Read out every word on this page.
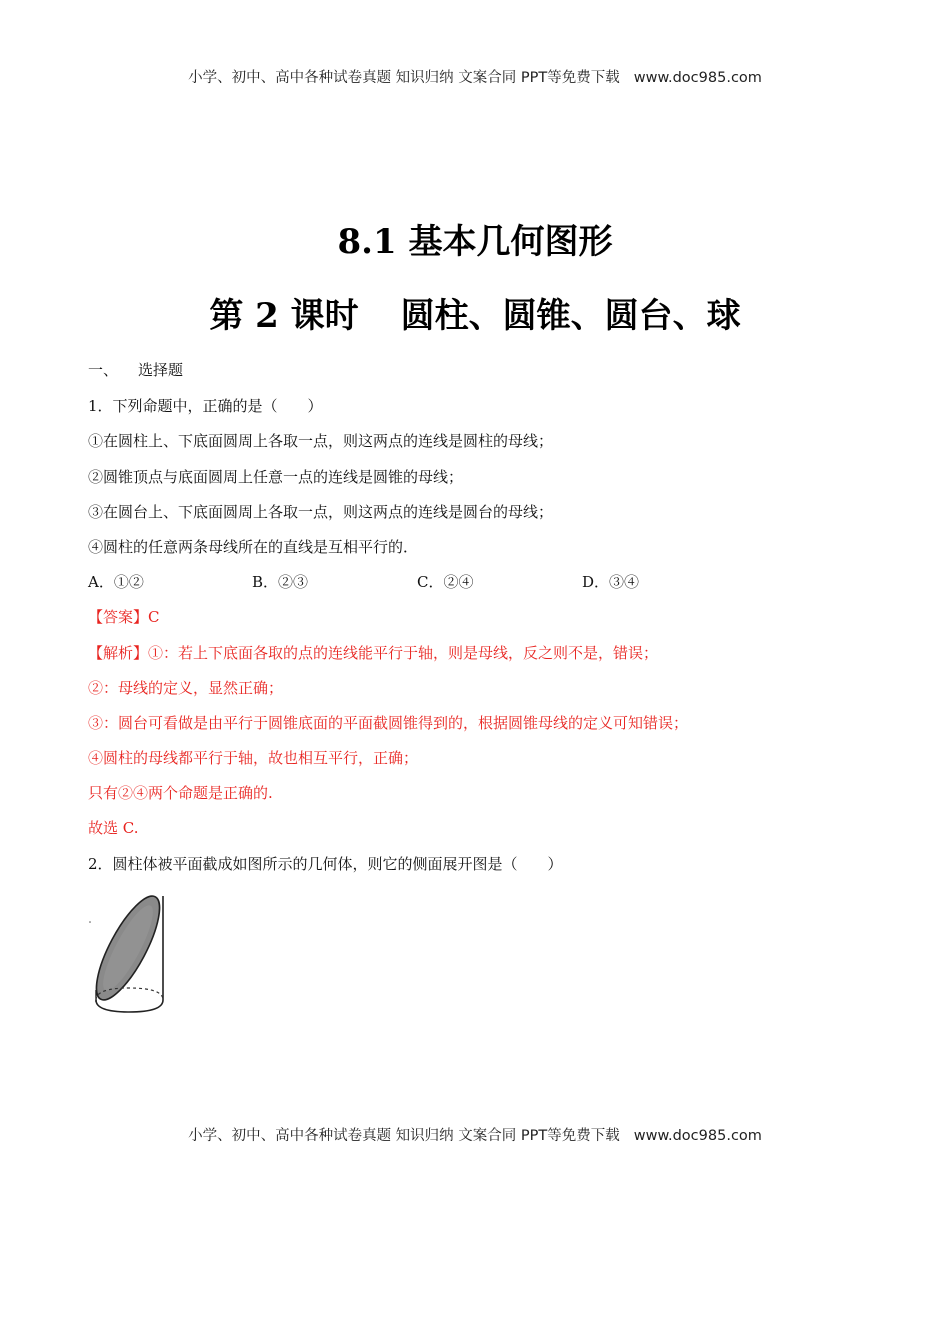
小学、初中、高中各种试卷真题 知识归纳 文案合同 PPT等免费下载 www.doc985.com
8.1 基本几何图形
第 2 课时 圆柱、圆锥、圆台、球
一、 选择题
1．下列命题中，正确的是（　　）
①在圆柱上、下底面圆周上各取一点，则这两点的连线是圆柱的母线；
②圆锥顶点与底面圆周上任意一点的连线是圆锥的母线；
③在圆台上、下底面圆周上各取一点，则这两点的连线是圆台的母线；
④圆柱的任意两条母线所在的直线是互相平行的．
A．①②	B．②③	C．②④	D．③④
【答案】C
【解析】①：若上下底面各取的点的连线能平行于轴，则是母线，反之则不是，错误；
②：母线的定义，显然正确；
③：圆台可看做是由平行于圆锥底面的平面截圆锥得到的，根据圆锥母线的定义可知错误；
④圆柱的母线都平行于轴，故也相互平行，正确；
只有②④两个命题是正确的.
故选 C.
2．圆柱体被平面截成如图所示的几何体，则它的侧面展开图是（　　）
小学、初中、高中各种试卷真题 知识归纳 文案合同 PPT等免费下载 www.doc985.com
